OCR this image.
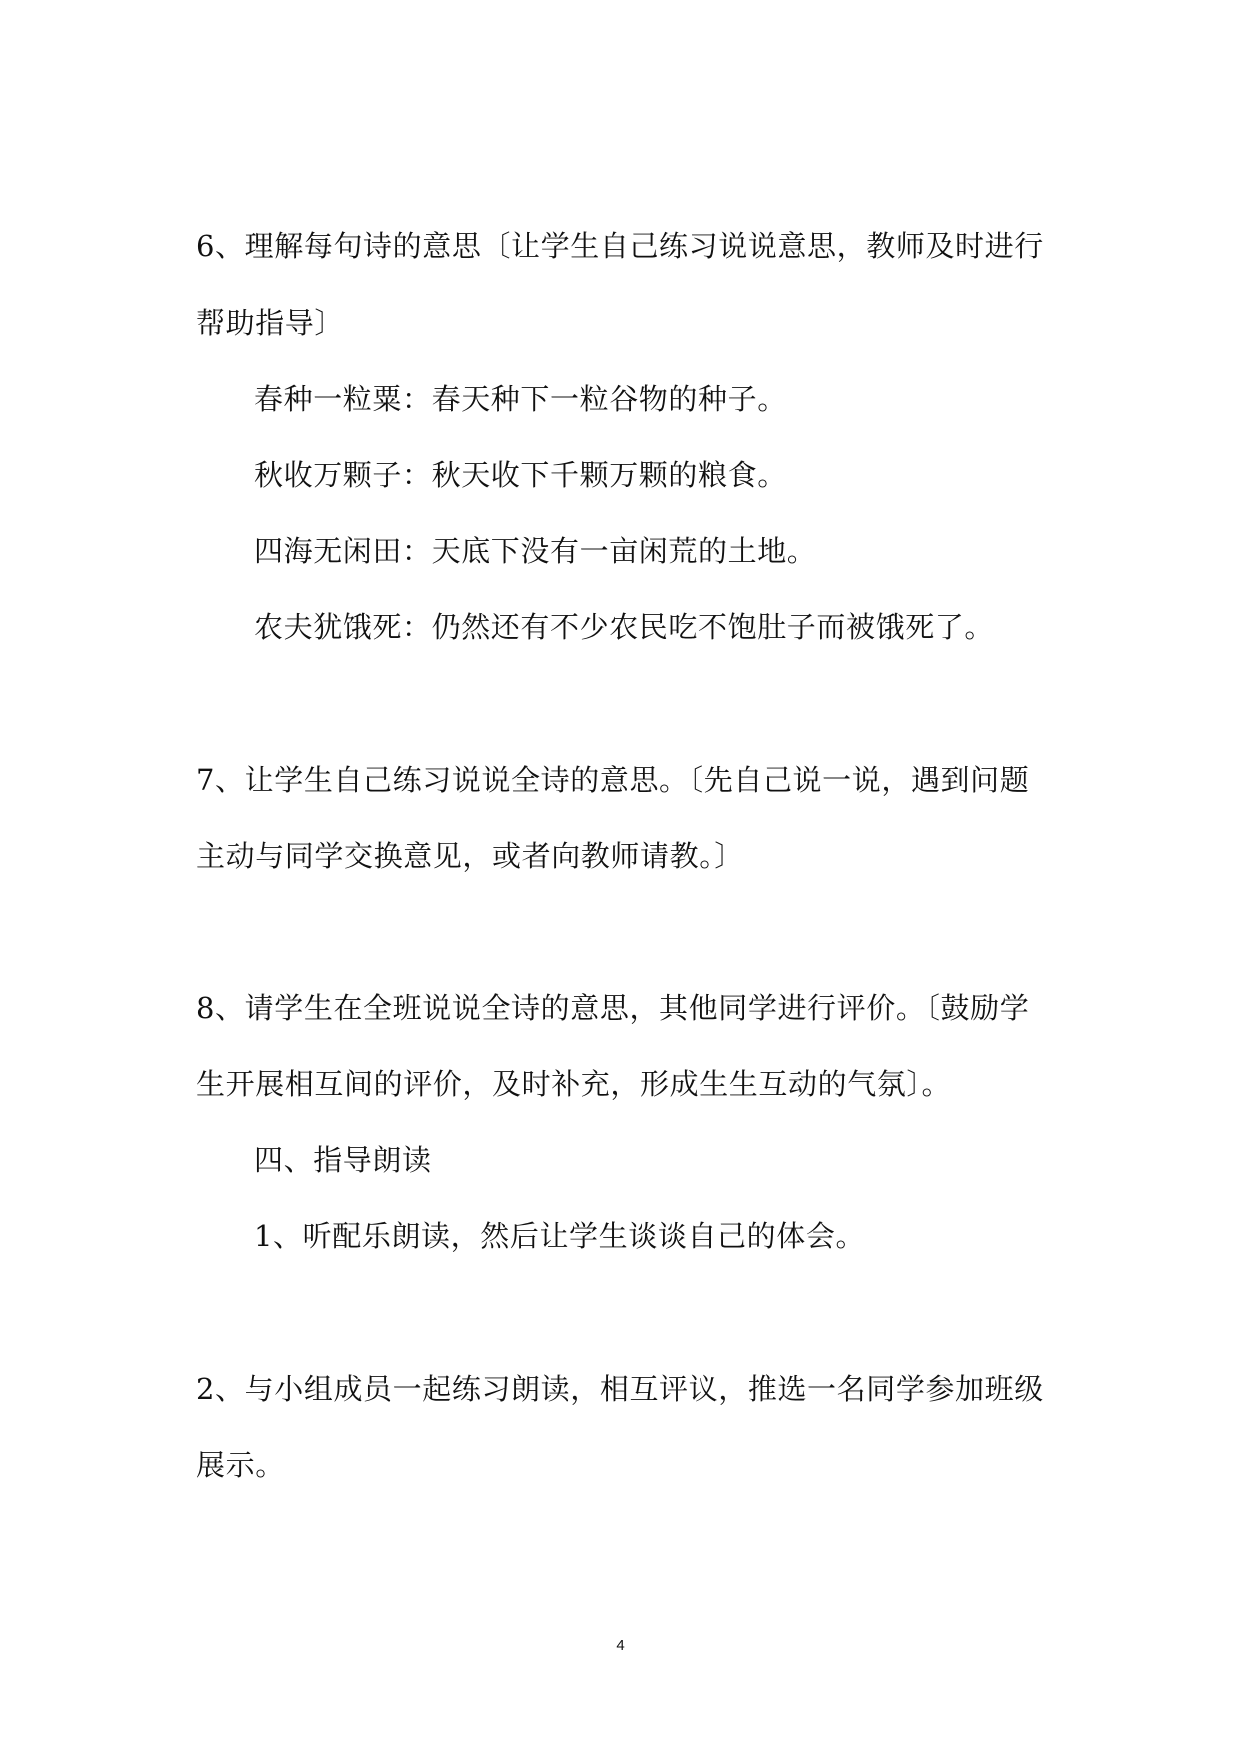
6、理解每句诗的意思〔让学生自己练习说说意思，教师及时进行
帮助指导〕
春种一粒粟：春天种下一粒谷物的种子。
秋收万颗子：秋天收下千颗万颗的粮食。
四海无闲田：天底下没有一亩闲荒的土地。
农夫犹饿死：仍然还有不少农民吃不饱肚子而被饿死了。
7、让学生自己练习说说全诗的意思。〔先自己说一说，遇到问题
主动与同学交换意见，或者向教师请教。〕
8、请学生在全班说说全诗的意思，其他同学进行评价。〔鼓励学
生开展相互间的评价，及时补充，形成生生互动的气氛〕。
四、指导朗读
1、听配乐朗读，然后让学生谈谈自己的体会。
2、与小组成员一起练习朗读，相互评议，推选一名同学参加班级
展示。
4
